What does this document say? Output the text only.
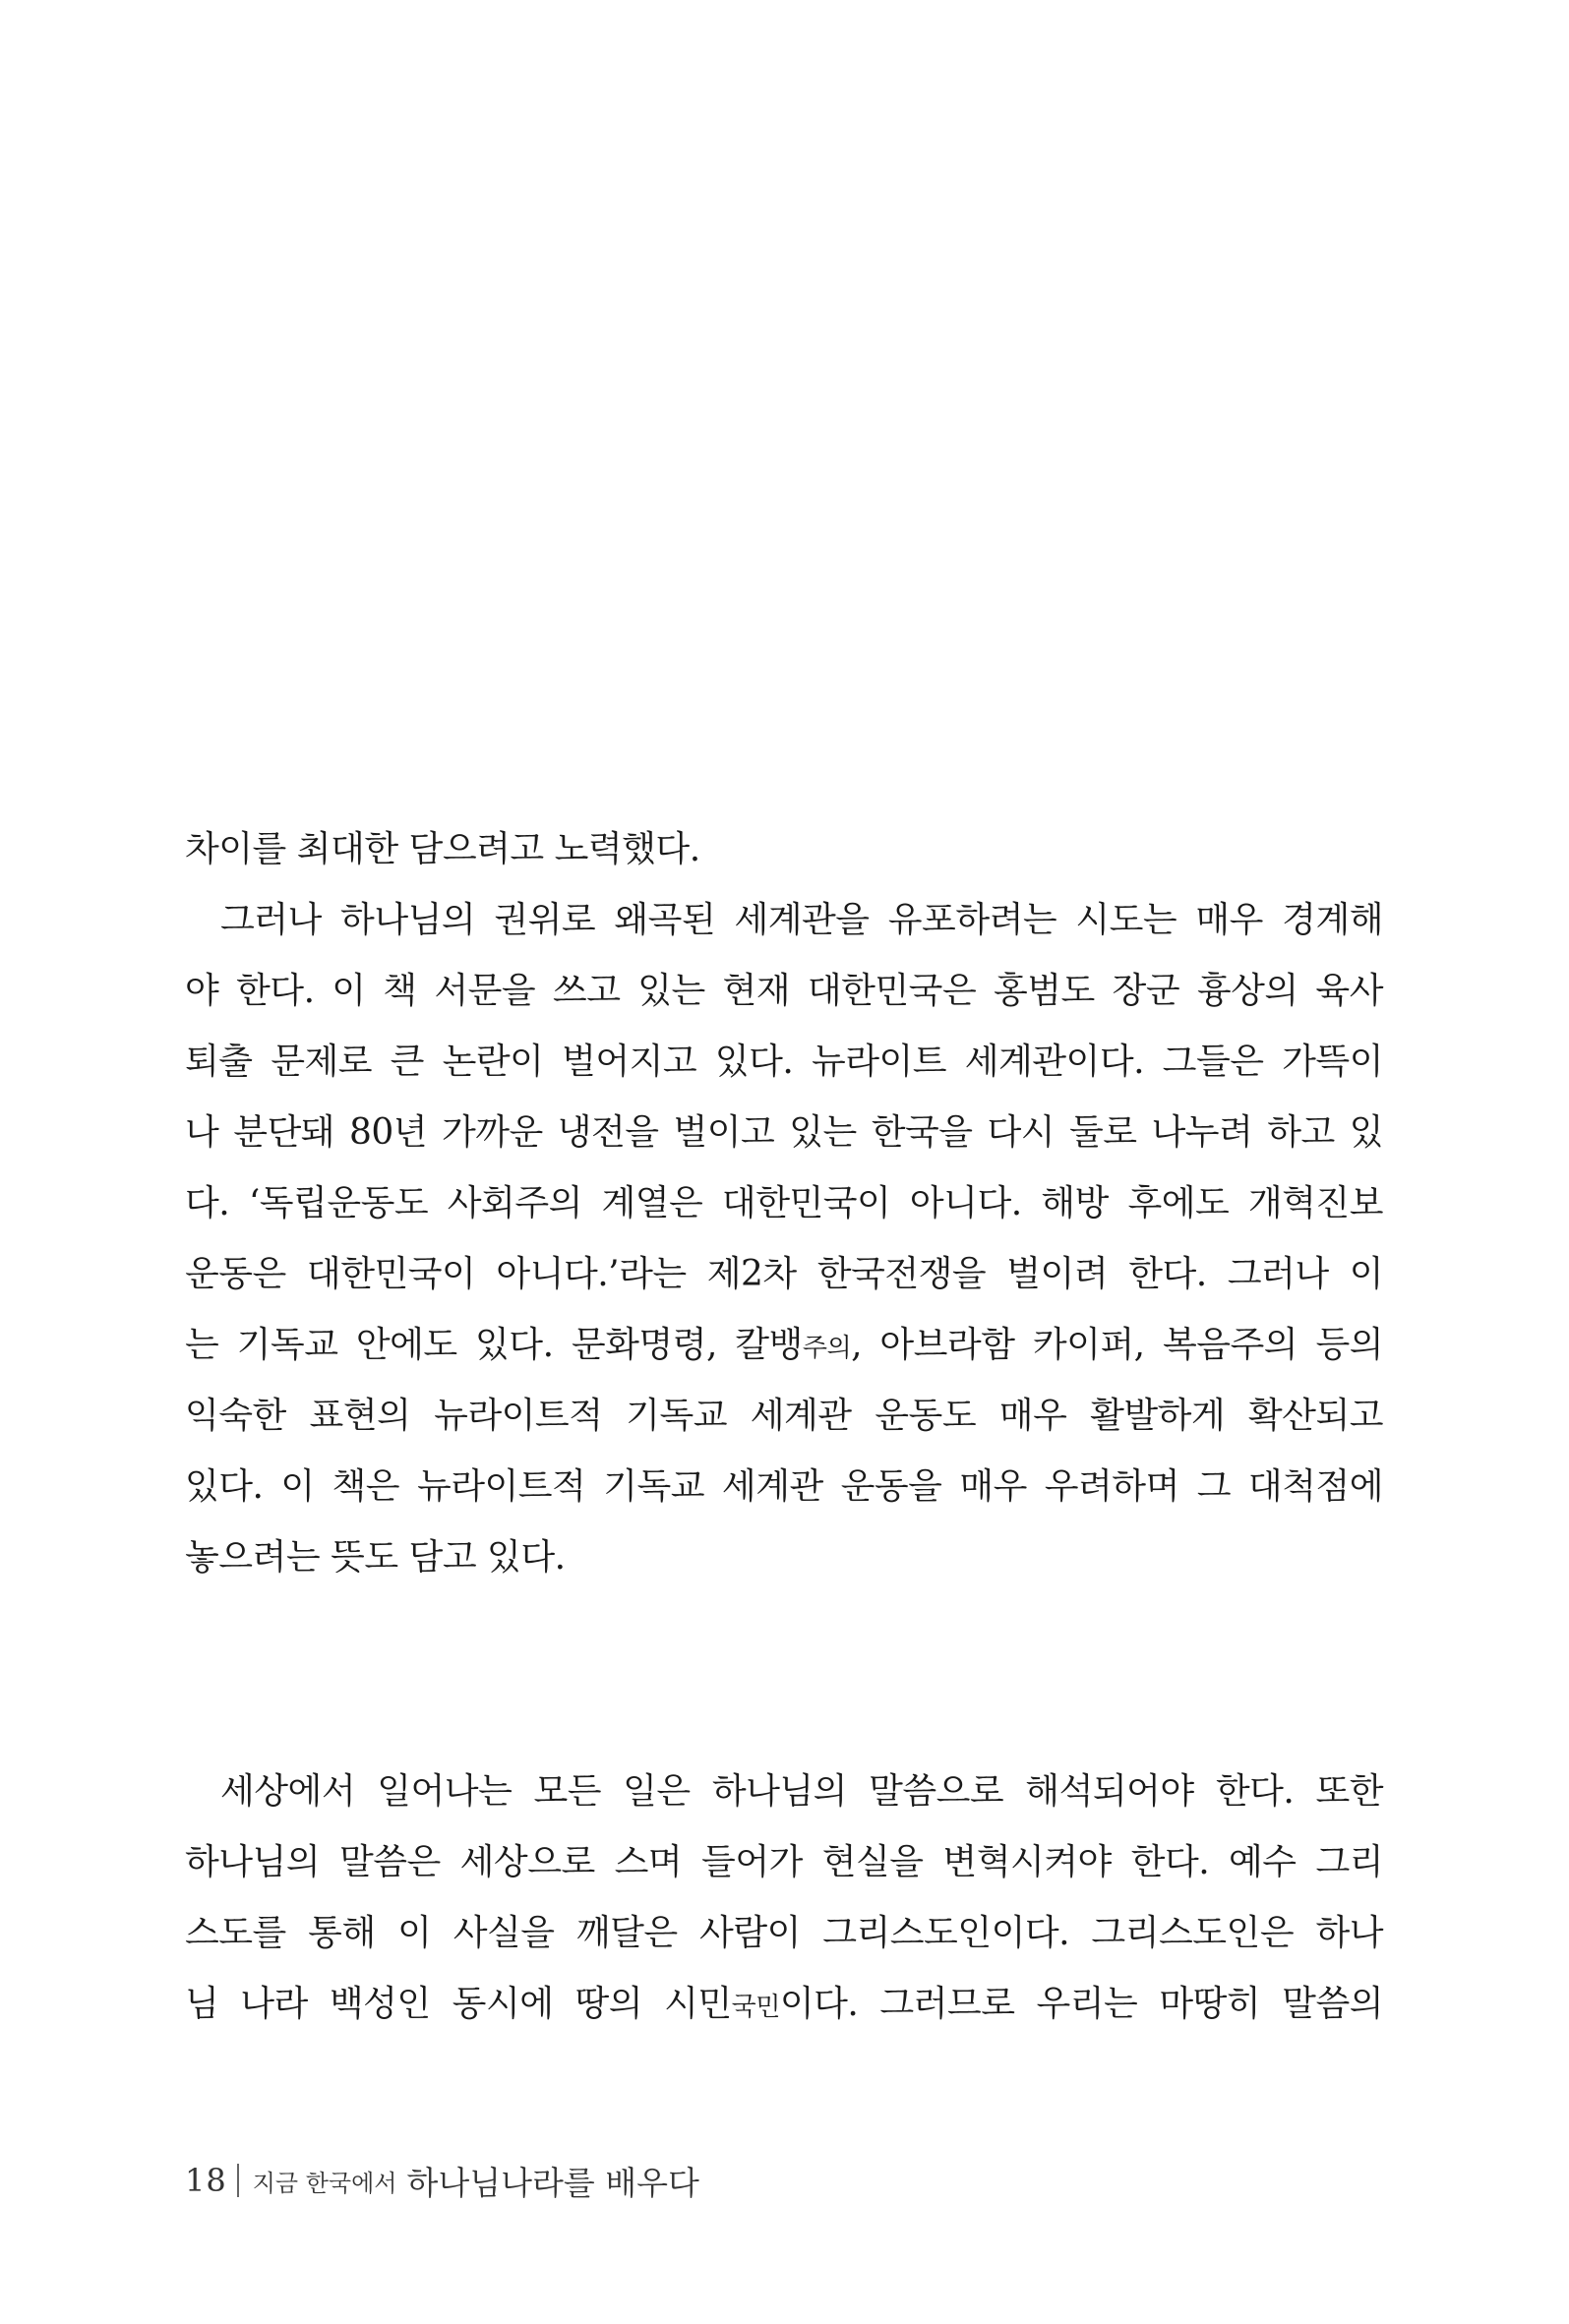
차이를 최대한 담으려고 노력했다.
그러나 하나님의 권위로 왜곡된 세계관을 유포하려는 시도는 매우 경계해
야 한다. 이 책 서문을 쓰고 있는 현재 대한민국은 홍범도 장군 흉상의 육사
퇴출 문제로 큰 논란이 벌어지고 있다. 뉴라이트 세계관이다. 그들은 가뜩이
나 분단돼 80년 가까운 냉전을 벌이고 있는 한국을 다시 둘로 나누려 하고 있
다. ‘독립운동도 사회주의 계열은 대한민국이 아니다. 해방 후에도 개혁진보
운동은 대한민국이 아니다.’라는 제2차 한국전쟁을 벌이려 한다. 그러나 이
는 기독교 안에도 있다. 문화명령, 칼뱅주의, 아브라함 카이퍼, 복음주의 등의
익숙한 표현의 뉴라이트적 기독교 세계관 운동도 매우 활발하게 확산되고
있다. 이 책은 뉴라이트적 기독교 세계관 운동을 매우 우려하며 그 대척점에
놓으려는 뜻도 담고 있다.
세상에서 일어나는 모든 일은 하나님의 말씀으로 해석되어야 한다. 또한
하나님의 말씀은 세상으로 스며 들어가 현실을 변혁시켜야 한다. 예수 그리
스도를 통해 이 사실을 깨달은 사람이 그리스도인이다. 그리스도인은 하나
님 나라 백성인 동시에 땅의 시민국민이다. 그러므로 우리는 마땅히 말씀의
18 지금 한국에서 하나님나라를 배우다
